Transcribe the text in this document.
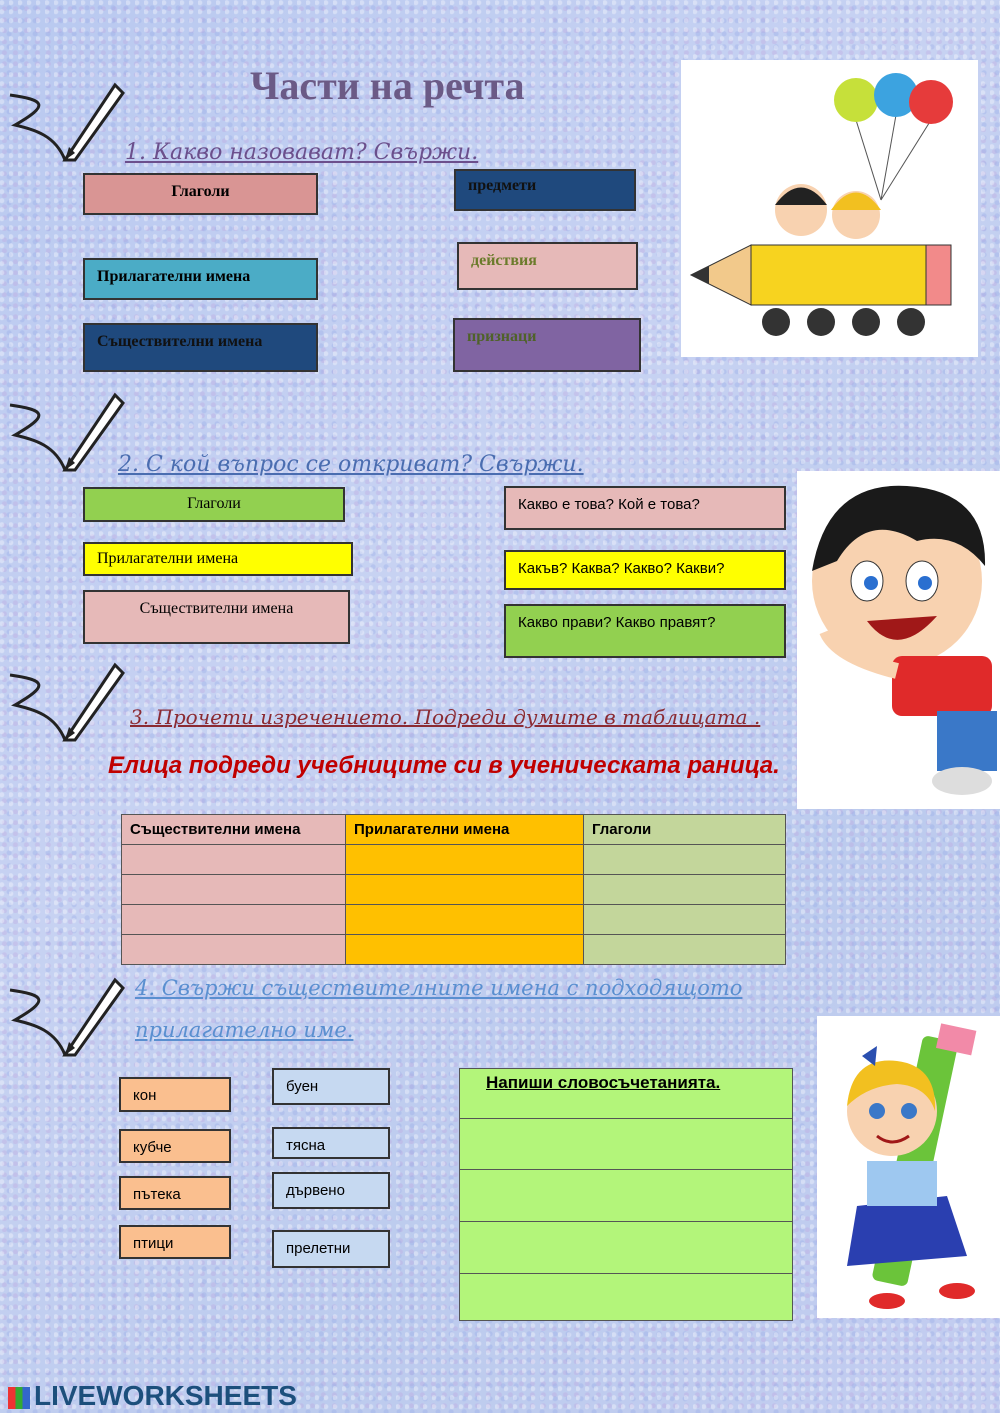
Части на речта
1. Какво назовават? Свържи.
Глаголи
Прилагателни имена
Съществителни имена
предмети
действия
признаци
2. С кой въпрос се откриват? Свържи.
Глаголи
Прилагателни имена
Съществителни имена
Какво е това? Кой е това?
Какъв? Каква? Какво? Какви?
Какво прави? Какво правят?
3. Прочети изречението. Подреди думите в таблицата .
Елица подреди учебниците си в ученическата раница.
Съществителни имена	Прилагателни имена	Глаголи

4. Свържи съществителните имена с подходящото прилагателно име.
кон
кубче
пътека
птици
буен
тясна
дървено
прелетни
Напиши словосъчетанията.
LIVEWORKSHEETS
